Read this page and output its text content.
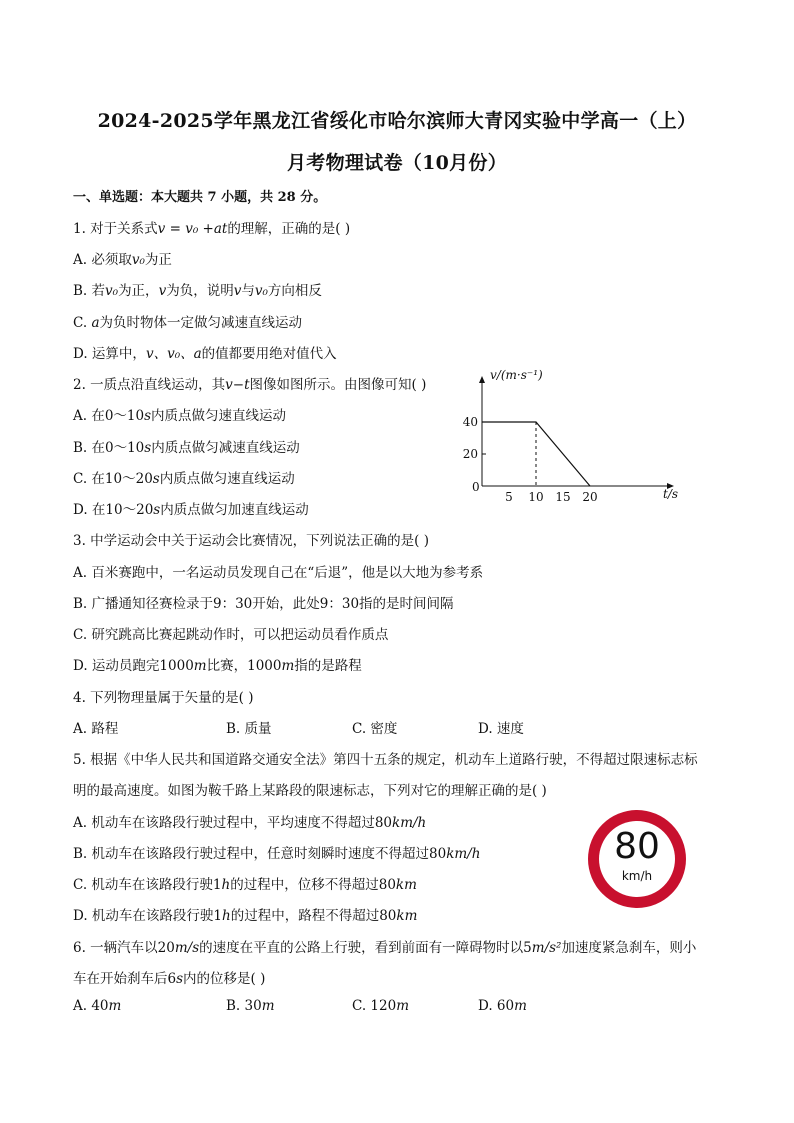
2024-2025学年黑龙江省绥化市哈尔滨师大青冈实验中学高一（上）
月考物理试卷（10月份）
一、单选题：本大题共 7 小题，共 28 分。
1. 对于关系式v = v₀ +at的理解，正确的是( )
A. 必须取v₀为正
B. 若v₀为正，v为负，说明v与v₀方向相反
C. a为负时物体一定做匀减速直线运动
D. 运算中，v、v₀、a的值都要用绝对值代入
2. 一质点沿直线运动，其v−t图像如图所示。由图像可知( )
A. 在0～10s内质点做匀速直线运动
B. 在0～10s内质点做匀减速直线运动
C. 在10～20s内质点做匀速直线运动
D. 在10～20s内质点做匀加速直线运动
v/(m·s⁻¹)
t/s
0
5 10 15 20
20
40
3. 中学运动会中关于运动会比赛情况，下列说法正确的是( )
A. 百米赛跑中，一名运动员发现自己在“后退”，他是以大地为参考系
B. 广播通知径赛检录于9：30开始，此处9：30指的是时间间隔
C. 研究跳高比赛起跳动作时，可以把运动员看作质点
D. 运动员跑完1000m比赛，1000m指的是路程
4. 下列物理量属于矢量的是( )
A. 路程	B. 质量	C. 密度	D. 速度
5. 根据《中华人民共和国道路交通安全法》第四十五条的规定，机动车上道路行驶，不得超过限速标志标
明的最高速度。如图为鞍千路上某路段的限速标志，下列对它的理解正确的是( )
A. 机动车在该路段行驶过程中，平均速度不得超过80km/h
B. 机动车在该路段行驶过程中，任意时刻瞬时速度不得超过80km/h
C. 机动车在该路段行驶1h的过程中，位移不得超过80km
D. 机动车在该路段行驶1h的过程中，路程不得超过80km
80
km/h
6. 一辆汽车以20m/s的速度在平直的公路上行驶，看到前面有一障碍物时以5m/s²加速度紧急刹车，则小
车在开始刹车后6s内的位移是( )
A. 40m	B. 30m	C. 120m	D. 60m
